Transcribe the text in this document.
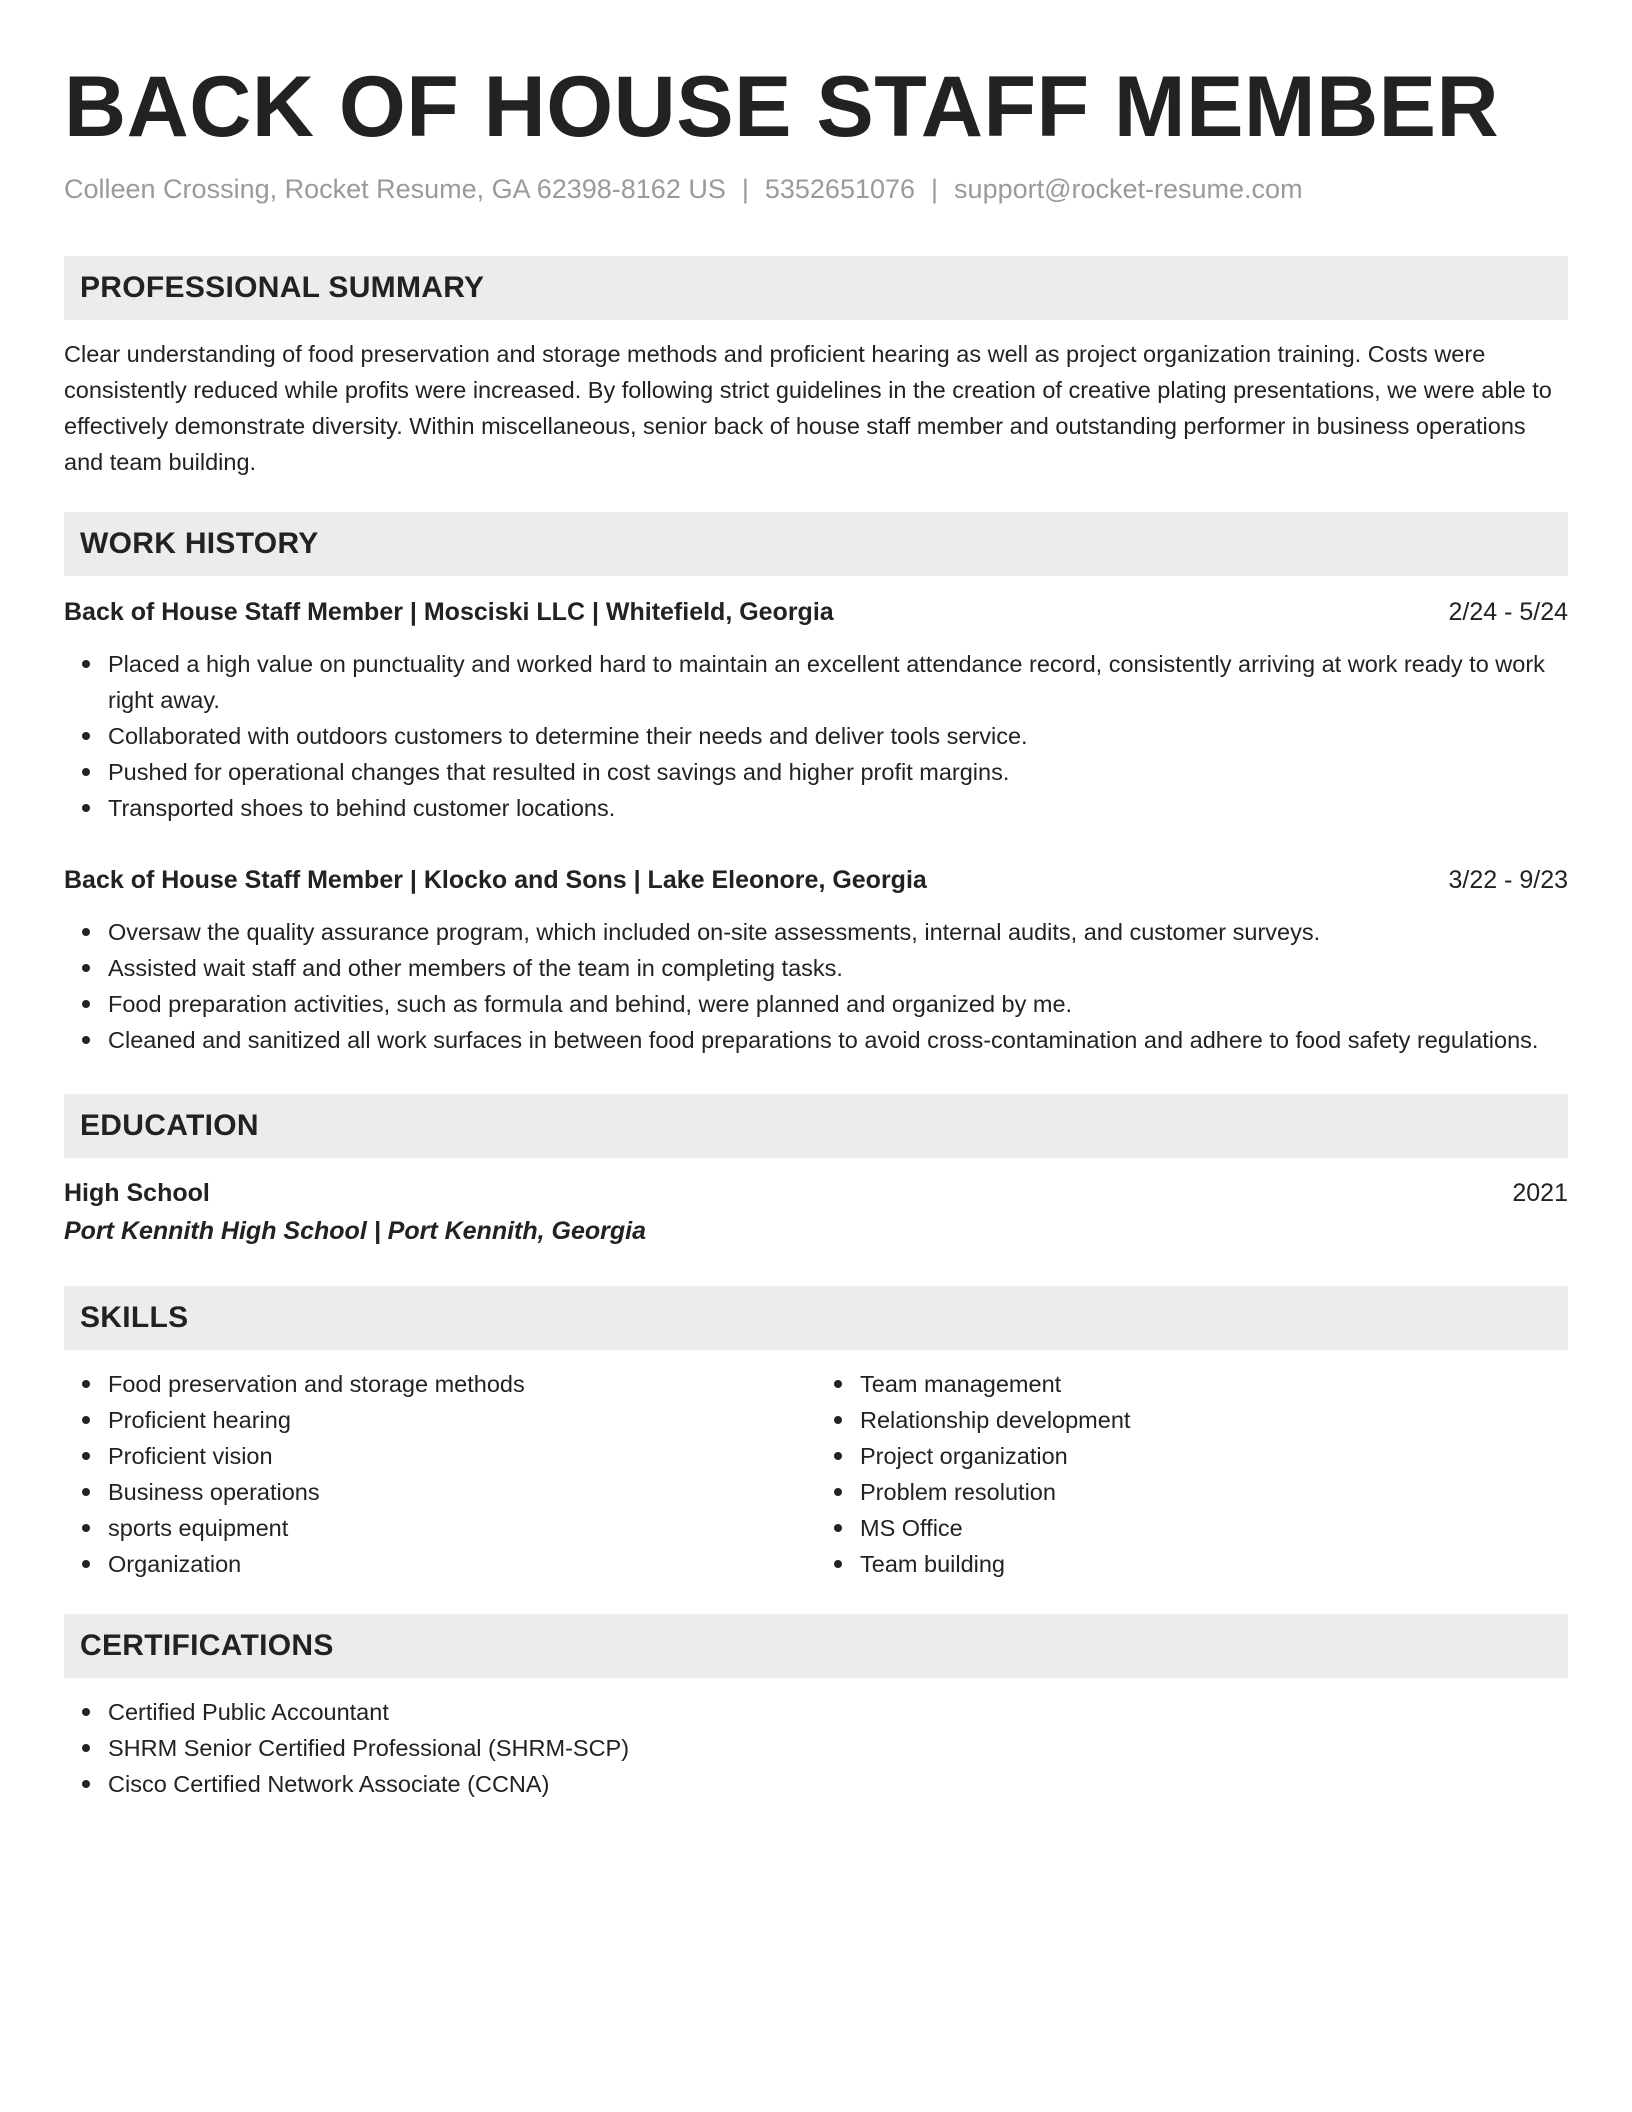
BACK OF HOUSE STAFF MEMBER
Colleen Crossing, Rocket Resume, GA 62398-8162 US | 5352651076 | support@rocket-resume.com
PROFESSIONAL SUMMARY

Clear understanding of food preservation and storage methods and proficient hearing as well as project organization training. Costs were consistently reduced while profits were increased. By following strict guidelines in the creation of creative plating presentations, we were able to effectively demonstrate diversity. Within miscellaneous, senior back of house staff member and outstanding performer in business operations and team building.

WORK HISTORY
Back of House Staff Member | Mosciski LLC | Whitefield, Georgia	2/24 - 5/24
Placed a high value on punctuality and worked hard to maintain an excellent attendance record, consistently arriving at work ready to work right away.
Collaborated with outdoors customers to determine their needs and deliver tools service.
Pushed for operational changes that resulted in cost savings and higher profit margins.
Transported shoes to behind customer locations.
Back of House Staff Member | Klocko and Sons | Lake Eleonore, Georgia	3/22 - 9/23
Oversaw the quality assurance program, which included on-site assessments, internal audits, and customer surveys.
Assisted wait staff and other members of the team in completing tasks.
Food preparation activities, such as formula and behind, were planned and organized by me.
Cleaned and sanitized all work surfaces in between food preparations to avoid cross-contamination and adhere to food safety regulations.
EDUCATION
High School	2021
Port Kennith High School | Port Kennith, Georgia
SKILLS
Food preservation and storage methods
Proficient hearing
Proficient vision
Business operations
sports equipment
Organization
Team management
Relationship development
Project organization
Problem resolution
MS Office
Team building
CERTIFICATIONS
Certified Public Accountant
SHRM Senior Certified Professional (SHRM-SCP)
Cisco Certified Network Associate (CCNA)
